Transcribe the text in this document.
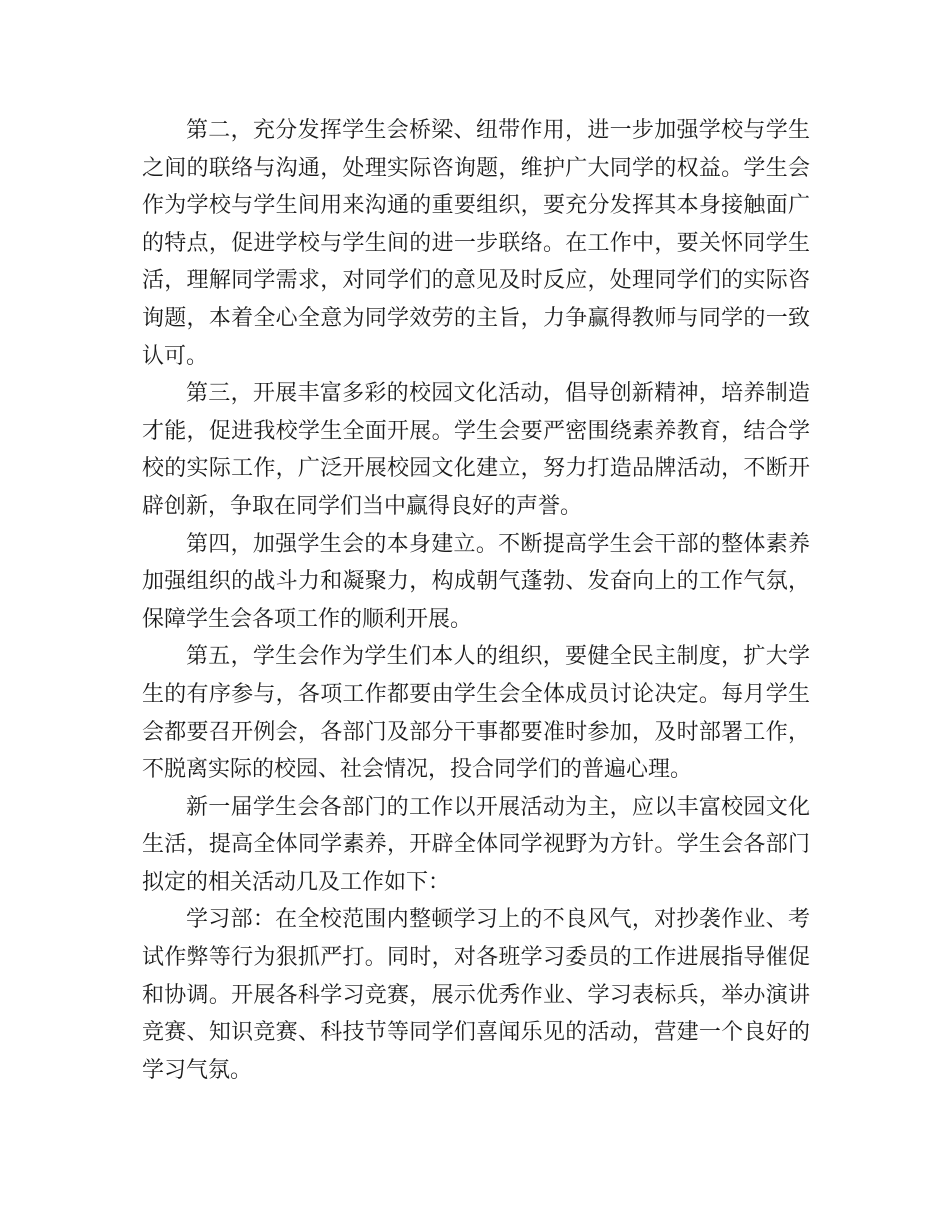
第二，充分发挥学生会桥梁、纽带作用，进一步加强学校与学生之间的联络与沟通，处理实际咨询题，维护广大同学的权益。学生会作为学校与学生间用来沟通的重要组织，要充分发挥其本身接触面广的特点，促进学校与学生间的进一步联络。在工作中，要关怀同学生活，理解同学需求，对同学们的意见及时反应，处理同学们的实际咨询题，本着全心全意为同学效劳的主旨，力争赢得教师与同学的一致认可。

第三，开展丰富多彩的校园文化活动，倡导创新精神，培养制造才能，促进我校学生全面开展。学生会要严密围绕素养教育，结合学校的实际工作，广泛开展校园文化建立，努力打造品牌活动，不断开辟创新，争取在同学们当中赢得良好的声誉。

第四，加强学生会的本身建立。不断提高学生会干部的整体素养加强组织的战斗力和凝聚力，构成朝气蓬勃、发奋向上的工作气氛，保障学生会各项工作的顺利开展。

第五，学生会作为学生们本人的组织，要健全民主制度，扩大学生的有序参与，各项工作都要由学生会全体成员讨论决定。每月学生会都要召开例会，各部门及部分干事都要准时参加，及时部署工作，不脱离实际的校园、社会情况，投合同学们的普遍心理。

新一届学生会各部门的工作以开展活动为主，应以丰富校园文化生活，提高全体同学素养，开辟全体同学视野为方针。学生会各部门拟定的相关活动几及工作如下：

学习部：在全校范围内整顿学习上的不良风气，对抄袭作业、考试作弊等行为狠抓严打。同时，对各班学习委员的工作进展指导催促和协调。开展各科学习竞赛，展示优秀作业、学习表标兵，举办演讲竞赛、知识竞赛、科技节等同学们喜闻乐见的活动，营建一个良好的学习气氛。
